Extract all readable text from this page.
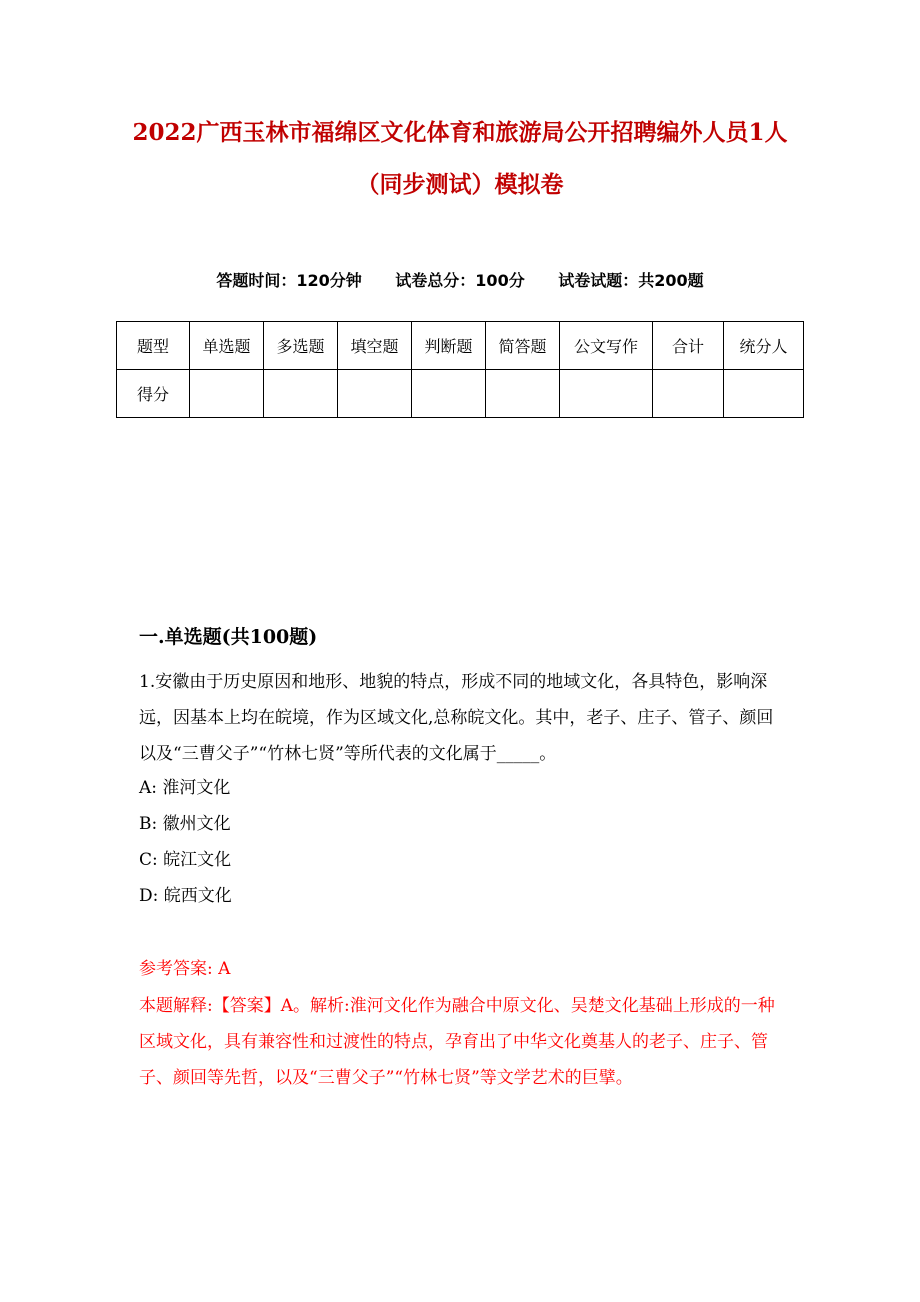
2022广西玉林市福绵区文化体育和旅游局公开招聘编外人员1人
（同步测试）模拟卷
答题时间：120分钟 试卷总分：100分 试卷试题：共200题
题型	单选题	多选题	填空题	判断题	简答题	公文写作	合计	统分人
得分								
一.单选题(共100题)

1.安徽由于历史原因和地形、地貌的特点，形成不同的地域文化，各具特色，影响深远，因基本上均在皖境，作为区域文化,总称皖文化。其中，老子、庄子、管子、颜回以及“三曹父子”“竹林七贤”等所代表的文化属于_____。

A: 淮河文化

B: 徽州文化

C: 皖江文化

D: 皖西文化

参考答案: A

本题解释:【答案】A。解析:淮河文化作为融合中原文化、吴楚文化基础上形成的一种区域文化，具有兼容性和过渡性的特点，孕育出了中华文化奠基人的老子、庄子、管子、颜回等先哲，以及“三曹父子”“竹林七贤”等文学艺术的巨擘。
